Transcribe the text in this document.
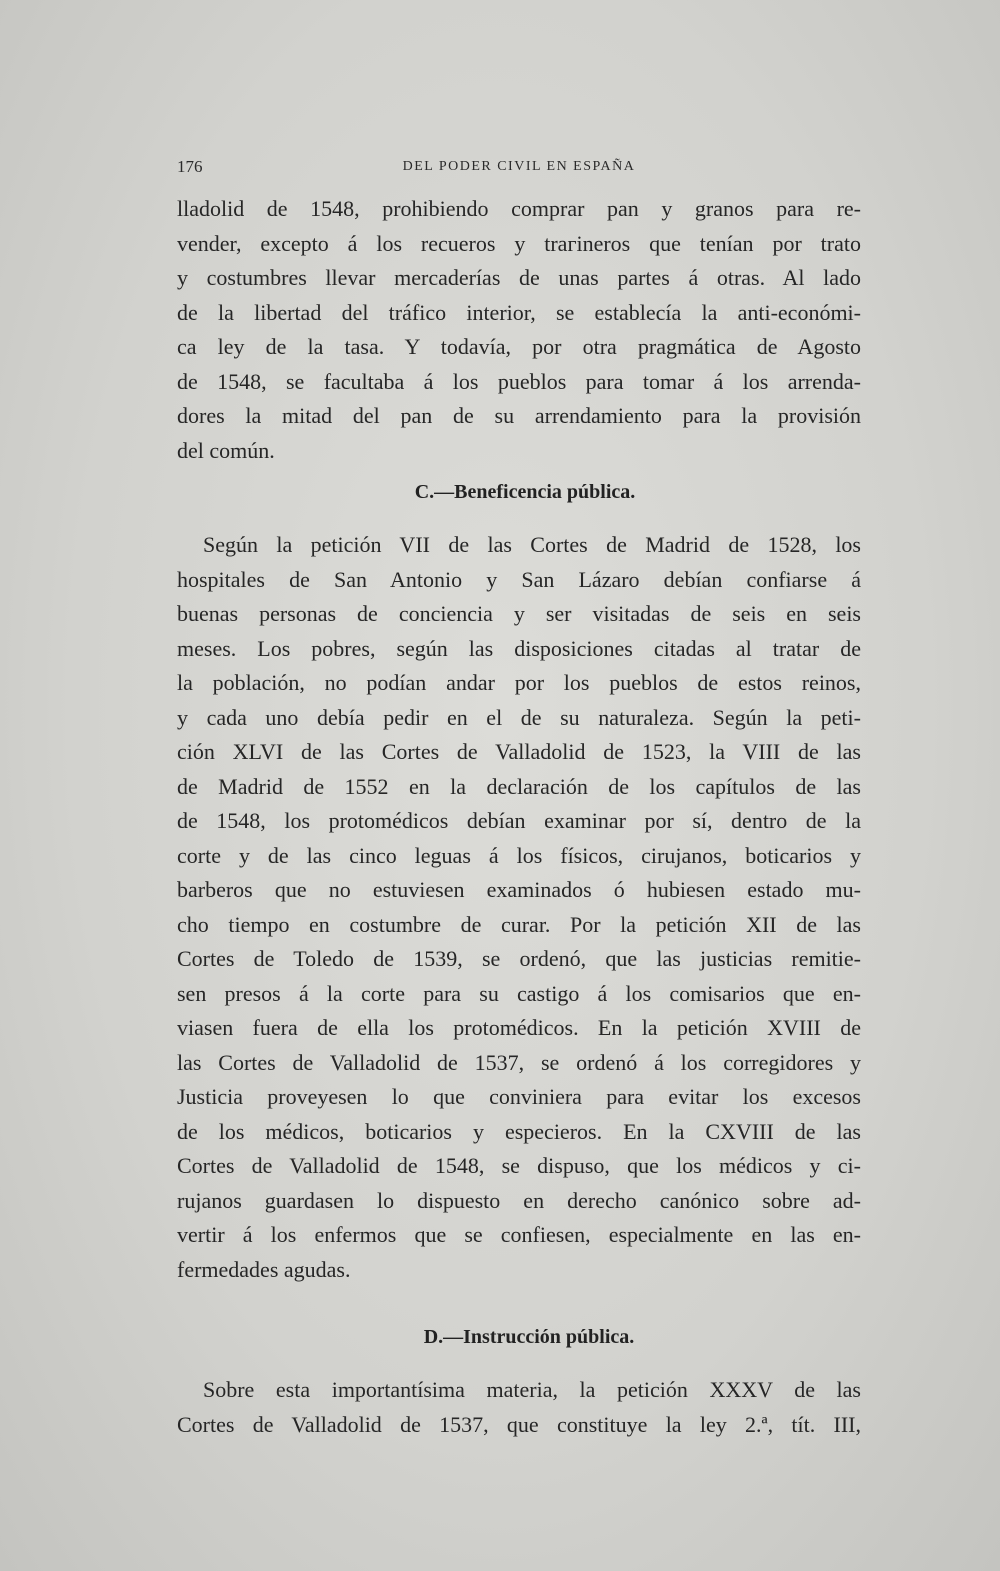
176	DEL PODER CIVIL EN ESPAÑA
lladolid de 1548, prohibiendo comprar pan y granos para re-
vender, excepto á los recueros y trагineros que tenían por trato
y costumbres llevar mercaderías de unas partes á otras. Al lado
de la libertad del tráfico interior, se establecía la anti-económi-
ca ley de la tasa. Y todavía, por otra pragmática de Agosto
de 1548, se facultaba á los pueblos para tomar á los arrenda-
dores la mitad del pan de su arrendamiento para la provisión
del común.
C.—Beneficencia pública.
Según la petición VII de las Cortes de Madrid de 1528, los
hospitales de San Antonio y San Lázaro debían confiarse á
buenas personas de conciencia y ser visitadas de seis en seis
meses. Los pobres, según las disposiciones citadas al tratar de
la población, no podían andar por los pueblos de estos reinos,
y cada uno debía pedir en el de su naturaleza. Según la peti-
ción XLVI de las Cortes de Valladolid de 1523, la VIII de las
de Madrid de 1552 en la declaración de los capítulos de las
de 1548, los protomédicos debían examinar por sí, dentro de la
corte y de las cinco leguas á los físicos, cirujanos, boticarios y
barberos que no estuviesen examinados ó hubiesen estado mu-
cho tiempo en costumbre de curar. Por la petición XII de las
Cortes de Toledo de 1539, se ordenó, que las justicias remitie-
sen presos á la corte para su castigo á los comisarios que en-
viasen fuera de ella los protomédicos. En la petición XVIII de
las Cortes de Valladolid de 1537, se ordenó á los corregidores y
Justicia proveyesen lo que conviniera para evitar los excesos
de los médicos, boticarios y especieros. En la CXVIII de las
Cortes de Valladolid de 1548, se dispuso, que los médicos y ci-
rujanos guardasen lo dispuesto en derecho canónico sobre ad-
vertir á los enfermos que se confiesen, especialmente en las en-
fermedades agudas.
D.—Instrucción pública.
Sobre esta importantísima materia, la petición XXXV de las
Cortes de Valladolid de 1537, que constituye la ley 2.ª, tít. III,
